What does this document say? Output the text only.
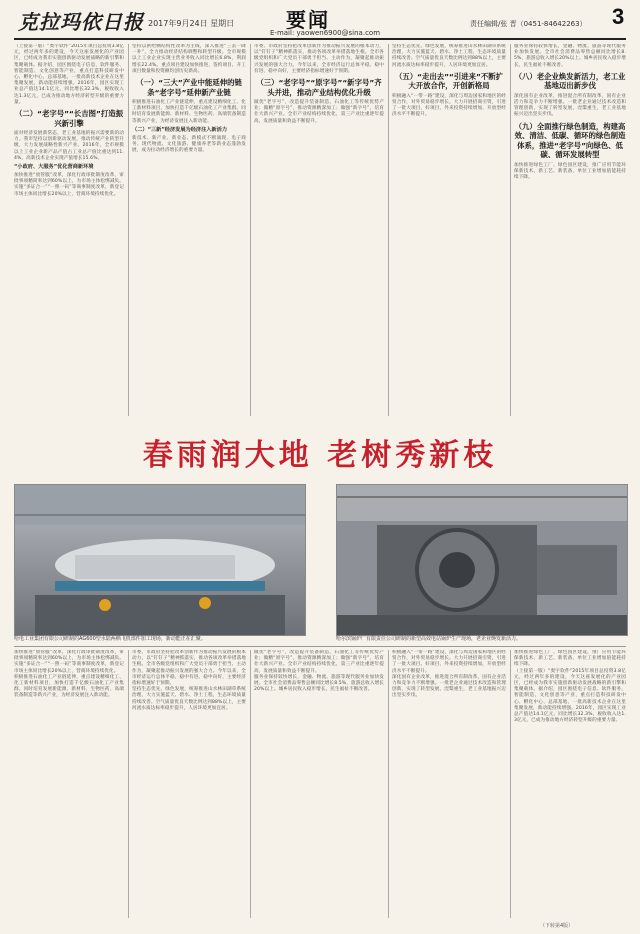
克拉玛依日报 2017年9月24日 星期日	要闻
E-mail: yaowen6900@sina.com
责任编辑/张 晋（0451-84642263） 3
（上接第一版）“奥宇软件”2015年项目总投资3.8亿元，经过两年多的建设，今天这座发展化的产业园区，已经成为我市实施创新驱动发展战略的新引擎和集聚载体。据介绍，园区围绕电子信息、软件服务、智能制造、文化创意等产业，重点打造科技研发中心、孵化中心、总部基地，一批高新技术企业在这里集聚发展，新动能持续增强。2016年，园区实现工业总产值达14.1亿元，同比增长32.3%，税收收入达1.3亿元，已成为推动地方经济转型升级的重要力量。
（二）“老字号”“长吉图”打造振兴新引擎
面对经济发展新常态，老工业基地的振兴需要新的动力。我市坚持以创新驱动发展，推动传统产业转型升级，大力发展战略性新兴产业。2016年，全市规模以上工业企业新产品产值占工业总产值比重达到11.4%，高新技术企业实现产值增长15.6%。
“小政府、大服务”优化营商新环境
加快推进“放管服”改革，深化行政审批制度改革，审批事项精简率达到60%以上，为市场主体松绑减负。实施“多证合一”“一照一码”等商事制度改革，新登记市场主体同比增长20%以上，营商环境持续优化。
坚持以供给侧结构性改革为主线，深入推进“三去一降一补”，全力推动经济结构调整和转型升级。全市规模以上工业企业实现主营业务收入同比增长6.8%，利润增长22.4%。重点项目建设加快推进，签约项目、开工项目数量和投资额均创历史新高。
（一）“三大”产业中能延伸的链条“老字号”延伸新产业链
积极推进石油化工产业链延伸，重点建设精细化工、化工新材料项目，加快打造千亿级石油化工产业集群。同时培育发展新能源、新材料、生物医药、高端装备制造等新兴产业，为经济发展注入新动能。
（二）“三新”经济发展为经济注入新活力
新技术、新产业、新业态、新模式不断涌现，电子商务、现代物流、文化旅游、健康养老等新业态蓬勃发展，成为拉动经济增长的重要力量。
市委、市政府坚持把改革创新作为推动振兴发展的根本动力，以“钉钉子”精神抓落实，推动各项改革举措落地生根。全市各级党组织和广大党员干部勇于担当、主动作为，凝聚起推动振兴发展的强大合力。今年以来，全市经济运行总体平稳、稳中有进、稳中向好，主要经济指标增速好于预期。
（三）“老字号”“原字号”“新字号”齐头并进，推动产业结构优化升级
做优“老字号”，改造提升装备制造、石油化工等传统优势产业；做精“原字号”，推动资源精深加工；做强“新字号”，培育壮大新兴产业。全市产业结构持续优化，第三产业比重逐年提高，发展质量和效益不断提升。
坚持生态优先、绿色发展，统筹推进山水林田湖草系统治理，大力实施蓝天、碧水、净土工程，生态环境质量持续改善。空气质量优良天数比例达到88%以上，主要河流水质达标率稳步提升，人居环境更加宜居。
（五）“走出去”“引进来”不断扩大开放合作，开创新格局
积极融入“一带一路”建设，深化与周边国家和地区的经贸合作，对外贸易稳步增长。大力开展招商引资，引进了一批大项目、好项目，外来投资持续增加，开放型经济水平不断提升。
服务业保持较快增长，金融、物流、旅游等现代服务业加快发展。全市社会消费品零售总额同比增长8.5%，旅游总收入增长20%以上。城乡居民收入稳步增长，民生福祉不断改善。
（八）老企业焕发新活力，老工业基地迈出新步伐
深化国有企业改革，推进混合所有制改革，国有企业活力和竞争力不断增强。一批老企业通过技术改造和管理创新，实现了转型发展、涅槃重生，老工业基地振兴迈出坚实步伐。
（九）全面推行绿色制造，构建高效、清洁、低碳、循环的绿色制造体系，推进“老字号”向绿色、低碳、循环发展转型
加快推进绿色工厂、绿色园区建设，推广应用节能环保新技术、新工艺、新装备，单位工业增加值能耗持续下降。
春雨润大地 老树秀新枝
哈电工业集团有限公司研制的AG600型水陆两栖飞机部件加工现场，新动能正在汇聚。	哈尔滨锅炉厂有限责任公司研制的新型高效电站锅炉生产现场，老企业焕发新活力。
加快推进“放管服”改革，深化行政审批制度改革，审批事项精简率达到60%以上，为市场主体松绑减负。实施“多证合一”“一照一码”等商事制度改革，新登记市场主体同比增长20%以上，营商环境持续优化。
积极推进石油化工产业链延伸，重点建设精细化工、化工新材料项目，加快打造千亿级石油化工产业集群。同时培育发展新能源、新材料、生物医药、高端装备制造等新兴产业，为经济发展注入新动能。
市委、市政府坚持把改革创新作为推动振兴发展的根本动力，以“钉钉子”精神抓落实，推动各项改革举措落地生根。全市各级党组织和广大党员干部勇于担当、主动作为，凝聚起推动振兴发展的强大合力。今年以来，全市经济运行总体平稳、稳中有进、稳中向好，主要经济指标增速好于预期。
坚持生态优先、绿色发展，统筹推进山水林田湖草系统治理，大力实施蓝天、碧水、净土工程，生态环境质量持续改善。空气质量优良天数比例达到88%以上，主要河流水质达标率稳步提升，人居环境更加宜居。
做优“老字号”，改造提升装备制造、石油化工等传统优势产业；做精“原字号”，推动资源精深加工；做强“新字号”，培育壮大新兴产业。全市产业结构持续优化，第三产业比重逐年提高，发展质量和效益不断提升。
服务业保持较快增长，金融、物流、旅游等现代服务业加快发展。全市社会消费品零售总额同比增长8.5%，旅游总收入增长20%以上。城乡居民收入稳步增长，民生福祉不断改善。
积极融入“一带一路”建设，深化与周边国家和地区的经贸合作，对外贸易稳步增长。大力开展招商引资，引进了一批大项目、好项目，外来投资持续增加，开放型经济水平不断提升。
深化国有企业改革，推进混合所有制改革，国有企业活力和竞争力不断增强。一批老企业通过技术改造和管理创新，实现了转型发展、涅槃重生，老工业基地振兴迈出坚实步伐。
加快推进绿色工厂、绿色园区建设，推广应用节能环保新技术、新工艺、新装备，单位工业增加值能耗持续下降。
（上接第一版）“奥宇软件”2015年项目总投资3.8亿元，经过两年多的建设，今天这座发展化的产业园区，已经成为我市实施创新驱动发展战略的新引擎和集聚载体。据介绍，园区围绕电子信息、软件服务、智能制造、文化创意等产业，重点打造科技研发中心、孵化中心、总部基地，一批高新技术企业在这里集聚发展，新动能持续增强。2016年，园区实现工业总产值达14.1亿元，同比增长32.3%，税收收入达1.3亿元，已成为推动地方经济转型升级的重要力量。
（下转第4版）
